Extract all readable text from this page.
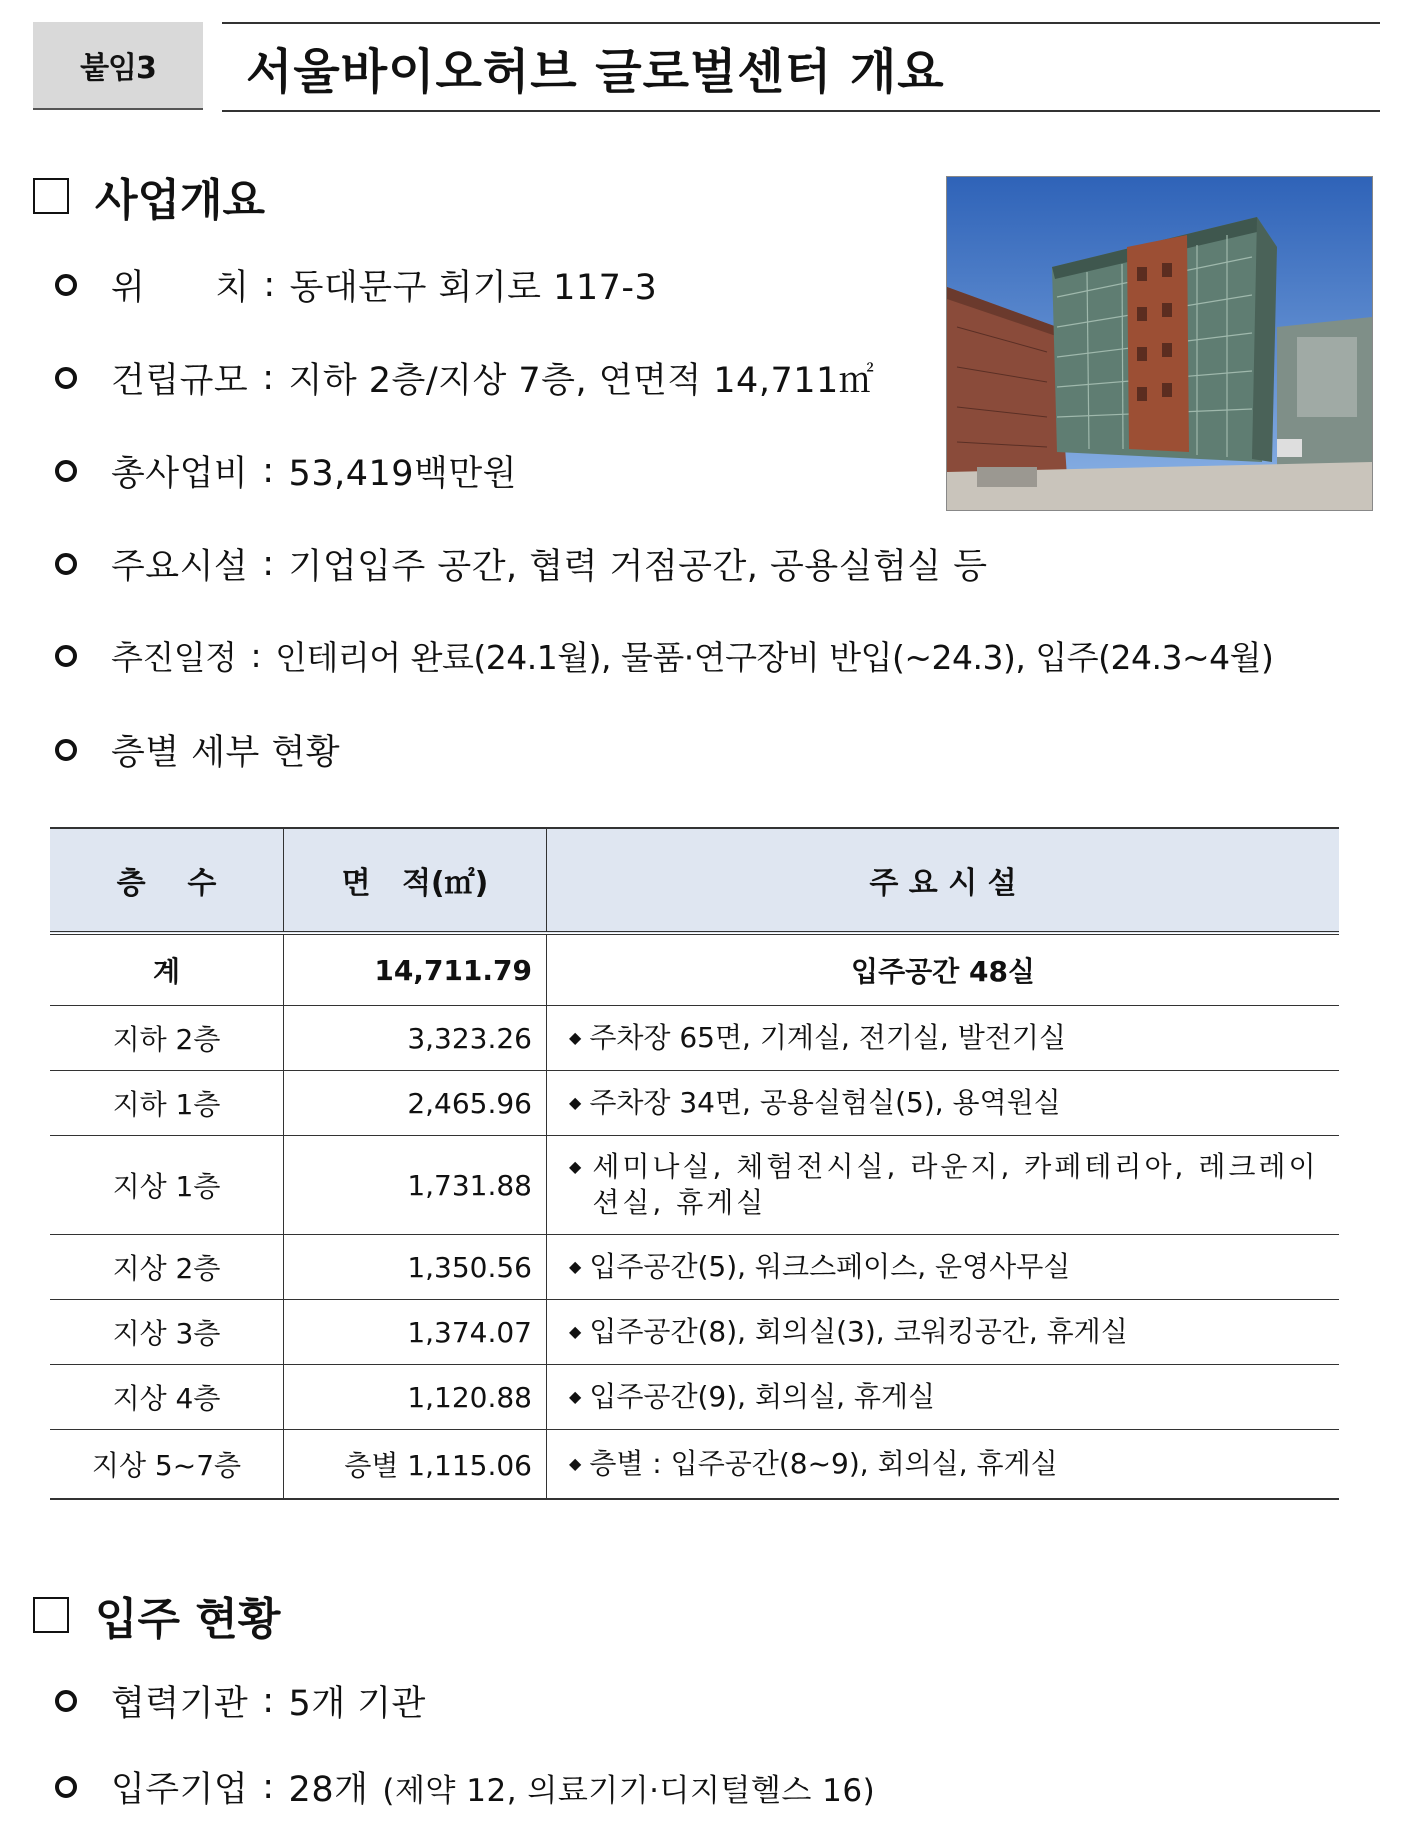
붙임3	서울바이오허브 글로벌센터 개요
사업개요
위      치 : 동대문구 회기로 117-3
건립규모 : 지하 2층/지상 7층, 연면적 14,711㎡
총사업비 : 53,419백만원
주요시설 : 기업입주 공간, 협력 거점공간, 공용실험실 등
추진일정 : 인테리어 완료(24.1월), 물품·연구장비 반입(~24.3), 입주(24.3~4월)
층별 세부 현황
층    수	면   적(㎡)	주 요 시 설
계	14,711.79	입주공간 48실
지하 2층	3,323.26	◆ 주차장 65면, 기계실, 전기실, 발전기실

지하 1층	2,465.96	◆ 주차장 34면, 공용실험실(5), 용역원실

지상 1층	1,731.88	◆ 세미나실, 체험전시실, 라운지, 카페테리아, 레크레이션실, 휴게실

지상 2층	1,350.56	◆ 입주공간(5), 워크스페이스, 운영사무실

지상 3층	1,374.07	◆ 입주공간(8), 회의실(3), 코워킹공간, 휴게실

지상 4층	1,120.88	◆ 입주공간(9), 회의실, 휴게실

지상 5~7층	층별 1,115.06	◆ 층별 : 입주공간(8~9), 회의실, 휴게실
입주 현황
협력기관 : 5개 기관
입주기업 : 28개 (제약 12, 의료기기·디지털헬스 16)
